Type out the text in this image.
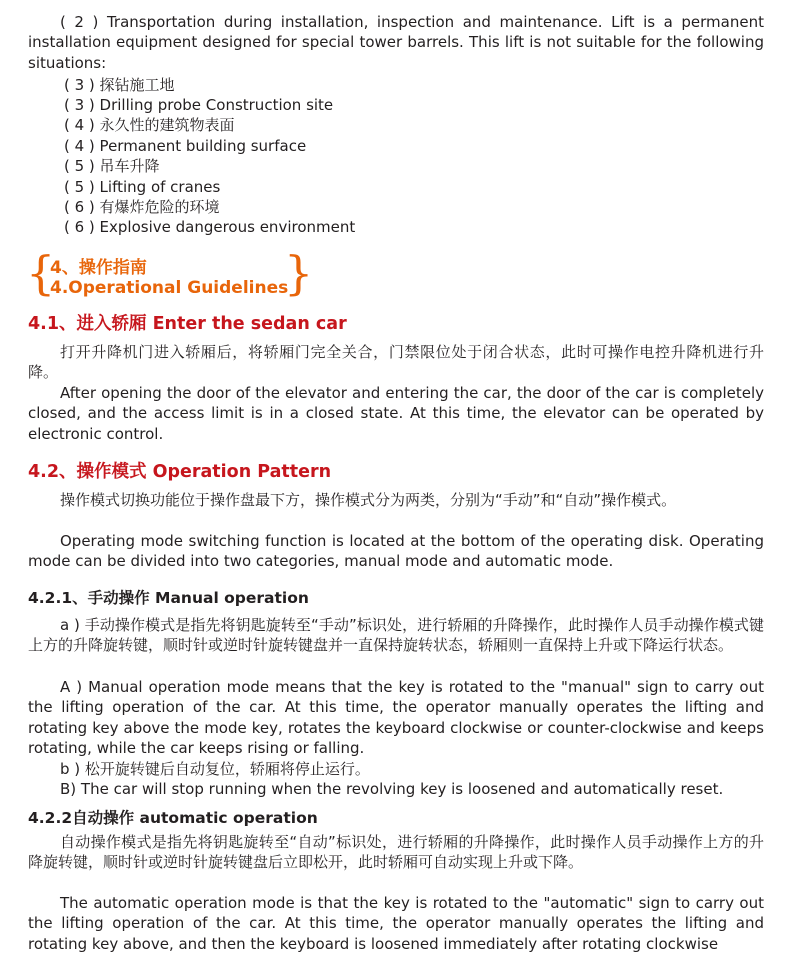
( 2 ) Transportation during installation, inspection and maintenance. Lift is a permanent installation equipment designed for special tower barrels. This lift is not suitable for the following situations:

( 3 ) 探钻施工地

( 3 ) Drilling probe Construction site

( 4 ) 永久性的建筑物表面

( 4 ) Permanent building surface

( 5 ) 吊车升降

( 5 ) Lifting of cranes

( 6 ) 有爆炸危险的环境

( 6 ) Explosive dangerous environment

{
4、操作指南
4.Operational Guidelines
}
4.1、进入轿厢 Enter the sedan car

打开升降机门进入轿厢后，将轿厢门完全关合，门禁限位处于闭合状态，此时可操作电控升降机进行升降。

After opening the door of the elevator and entering the car, the door of the car is completely closed, and the access limit is in a closed state. At this time, the elevator can be operated by electronic control.

4.2、操作模式 Operation Pattern

操作模式切换功能位于操作盘最下方，操作模式分为两类，分别为“手动”和“自动”操作模式。

Operating mode switching function is located at the bottom of the operating disk. Operating mode can be divided into two categories, manual mode and automatic mode.

4.2.1、手动操作 Manual operation

a ) 手动操作模式是指先将钥匙旋转至“手动”标识处，进行轿厢的升降操作，此时操作人员手动操作模式键上方的升降旋转键，顺时针或逆时针旋转键盘并一直保持旋转状态，轿厢则一直保持上升或下降运行状态。

A ) Manual operation mode means that the key is rotated to the "manual" sign to carry out the lifting operation of the car. At this time, the operator manually operates the lifting and rotating key above the mode key, rotates the keyboard clockwise or counter-clockwise and keeps rotating, while the car keeps rising or falling.

b ) 松开旋转键后自动复位，轿厢将停止运行。

B) The car will stop running when the revolving key is loosened and automatically reset.

4.2.2自动操作 automatic operation

自动操作模式是指先将钥匙旋转至“自动”标识处，进行轿厢的升降操作，此时操作人员手动操作上方的升降旋转键，顺时针或逆时针旋转键盘后立即松开，此时轿厢可自动实现上升或下降。

The automatic operation mode is that the key is rotated to the "automatic" sign to carry out the lifting operation of the car. At this time, the operator manually operates the lifting and rotating key above, and then the keyboard is loosened immediately after rotating clockwise
